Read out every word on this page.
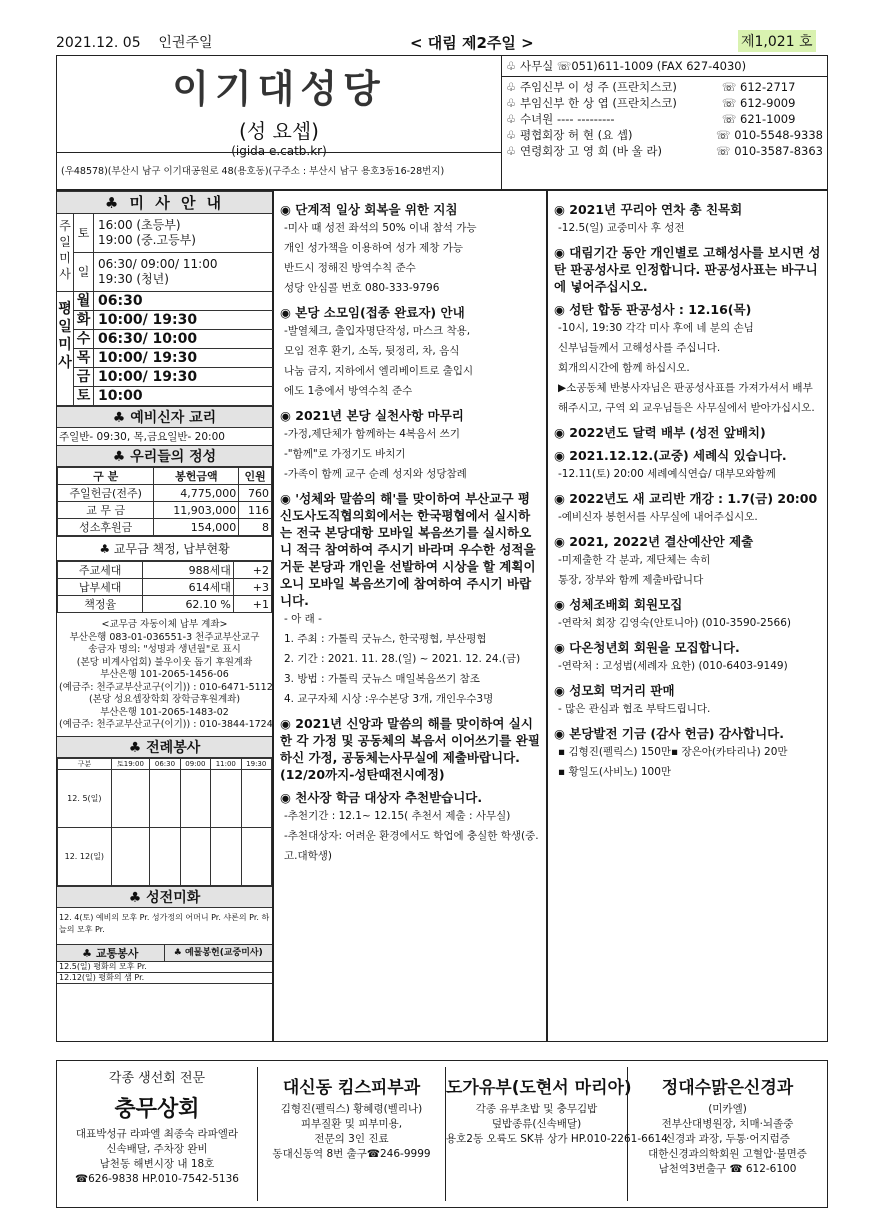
2021.12. 05 인권주일	< 대림 제2주일 >	제1,021 호
이기대성당
(성 요셉)
(igida e.catb.kr)
(우48578)(부산시 남구 이기대공원로 48(용호동)(구주소 : 부산시 남구 용호3동16-28번지)
♧ 사무실 ☏051)611-1009 (FAX 627-4030)
♧ 주임신부 이 성 주 (프란치스코)	☏ 612-2717
♧ 부임신부 한 상 엽 (프란치스코)	☏ 612-9009
♧ 수녀원 ---- ---------	☏ 621-1009
♧ 평협회장 허 현 (요 셉)	☏ 010-5548-9338
♧ 연령회장 고 영 희 (바 울 라)	☏ 010-3587-8363
♣ 미 사 안 내
주일미사
토
16:00 (초등부)
19:00 (중.고등부)
일
06:30/ 09:00/ 11:00
19:30 (청년)
평일미사
월 06:30
화 10:00/ 19:30
수 06:30/ 10:00
목 10:00/ 19:30
금 10:00/ 19:30
토 10:00
♣ 예비신자 교리
주일반- 09:30, 목,금요일반- 20:00
♣ 우리들의 정성
구 분	봉헌금액	인원
주일헌금(전주)	4,775,000	760
교 무 금	11,903,000	116
성소후원금	154,000	8
♣ 교무금 책정, 납부현황
주교세대	988세대	+2
납부세대	614세대	+3
책정율	62.10 %	+1
<교무금 자동이체 납부 계좌>
부산은행 083-01-036551-3 천주교부산교구
송금자 명의: "성명과 생년월"로 표시
(본당 비계사업회) 불우이웃 돕기 후원계좌
부산은행 101-2065-1456-06
(예금주: 천주교부산교구(이기)) : 010-6471-5112
(본당 성요셉장학회 장학금후원계좌)
부산은행 101-2065-1483-02
(예금주: 천주교부산교구(이기)) : 010-3844-1724
♣ 전례봉사
구분	토19:00	06:30	09:00	11:00	19:30
12. 5(일)					
12. 12(일)					
♣ 성전미화
12. 4(토) 예비의 모후 Pr. 성가정의 어머니 Pr. 샤론의 Pr. 하늘의 모후 Pr.
♣ 교통봉사	♣ 예물봉헌(교중미사)
12.5(일) 평화의 모후 Pr.
12.12(일) 평화의 샘 Pr.
◉ 단계적 일상 회복을 위한 지침
-미사 때 성전 좌석의 50% 이내 참석 가능
개인 성가책을 이용하여 성가 제창 가능
반드시 정해진 방역수칙 준수
성당 안심콜 번호 080-333-9796
◉ 본당 소모임(접종 완료자) 안내
-발열체크, 출입자명단작성, 마스크 착용,
모임 전후 환기, 소독, 뒷정리, 차, 음식
나눔 금지, 지하에서 엘리베이트로 출입시
에도 1층에서 방역수칙 준수
◉ 2021년 본당 실천사항 마무리
-가정,제단체가 함께하는 4복음서 쓰기
-"함께"로 가정기도 바치기
-가족이 함께 교구 순례 성지와 성당참례
◉ '성체와 말씀의 해'를 맞이하여 부산교구 평신도사도직협의회에서는 한국평협에서 실시하는 전국 본당대항 모바일 복음쓰기를 실시하오니 적극 참여하여 주시기 바라며 우수한 성적을 거둔 본당과 개인을 선발하여 시상을 할 계획이오니 모바일 복음쓰기에 참여하여 주시기 바랍니다.
- 아 래 -
1. 주최 : 가톨릭 굿뉴스, 한국평협, 부산평협
2. 기간 : 2021. 11. 28.(일) ~ 2021. 12. 24.(금)
3. 방법 : 가톨릭 굿뉴스 매일복음쓰기 참조
4. 교구자체 시상 :우수본당 3개, 개인우수3명
◉ 2021년 신앙과 말씀의 해를 맞이하여 실시한 각 가정 및 공동체의 복음서 이어쓰기를 완필하신 가정, 공동체는사무실에 제출바랍니다.(12/20까지-성탄때전시예정)
◉ 천사장 학금 대상자 추천받습니다.
-추천기간 : 12.1~ 12.15( 추천서 제출 : 사무실)
-추천대상자: 어려운 환경에서도 학업에 충실한 학생(중.고.대학생)
◉ 2021년 꾸리아 연차 총 친목회
-12.5(일) 교중미사 후 성전
◉ 대림기간 동안 개인별로 고해성사를 보시면 성탄 판공성사로 인정합니다. 판공성사표는 바구니에 넣어주십시오.
◉ 성탄 합동 판공성사 : 12.16(목)
-10시, 19:30 각각 미사 후에 네 분의 손님
신부님들께서 고해성사를 주십니다.
회개의시간에 함께 하십시오.
▶소공동체 반봉사자님은 판공성사표를 가져가셔서 배부해주시고, 구역 외 교우님들은 사무실에서 받아가십시오.
◉ 2022년도 달력 배부 (성전 앞배치)
◉ 2021.12.12.(교중) 세례식 있습니다.
-12.11(토) 20:00 세례예식연습/ 대부모와함께
◉ 2022년도 새 교리반 개강 : 1.7(금) 20:00
-예비신자 봉헌서를 사무실에 내어주십시오.
◉ 2021, 2022년 결산예산안 제출
-미제출한 각 분과, 제단체는 속히
통장, 장부와 함께 제출바랍니다
◉ 성체조배회 회원모집
-연락처 회장 김영숙(안토니아) (010-3590-2566)
◉ 다온청년회 회원을 모집합니다.
-연락처 : 고성범(세례자 요한) (010-6403-9149)
◉ 성모회 먹거리 판매
- 많은 관심과 협조 부탁드립니다.
◉ 본당발전 기금 (감사 헌금) 감사합니다.
▪ 김형진(펠릭스) 150만▪ 장은아(카타리나) 20만
▪ 황일도(사비노) 100만
각종 생선회 전문
충무상회
대표박성규 라파엘 최종숙 라파엘라
신속배달, 주차장 완비
남천동 해변시장 내 18호
☎626-9838 HP.010-7542-5136
대신동 킴스피부과
김형진(펠릭스) 황혜령(벨리나)
피부질환 및 피부미용,
전문의 3인 진료
동대신동역 8번 출구☎246-9999
도가유부(도현서 마리아)
각종 유부초밥 및 충무김밥
덮밥종류(신속배달)
용호2동 오륙도 SK뷰 상가 HP.010-2261-6614
정대수맑은신경과
(미카엘)
전부산대병원장, 치매·뇌졸중
신경과 과장, 두통·어지럼증
대한신경과의학회원 고혈압·불면증
남천역3번출구 ☎ 612-6100
